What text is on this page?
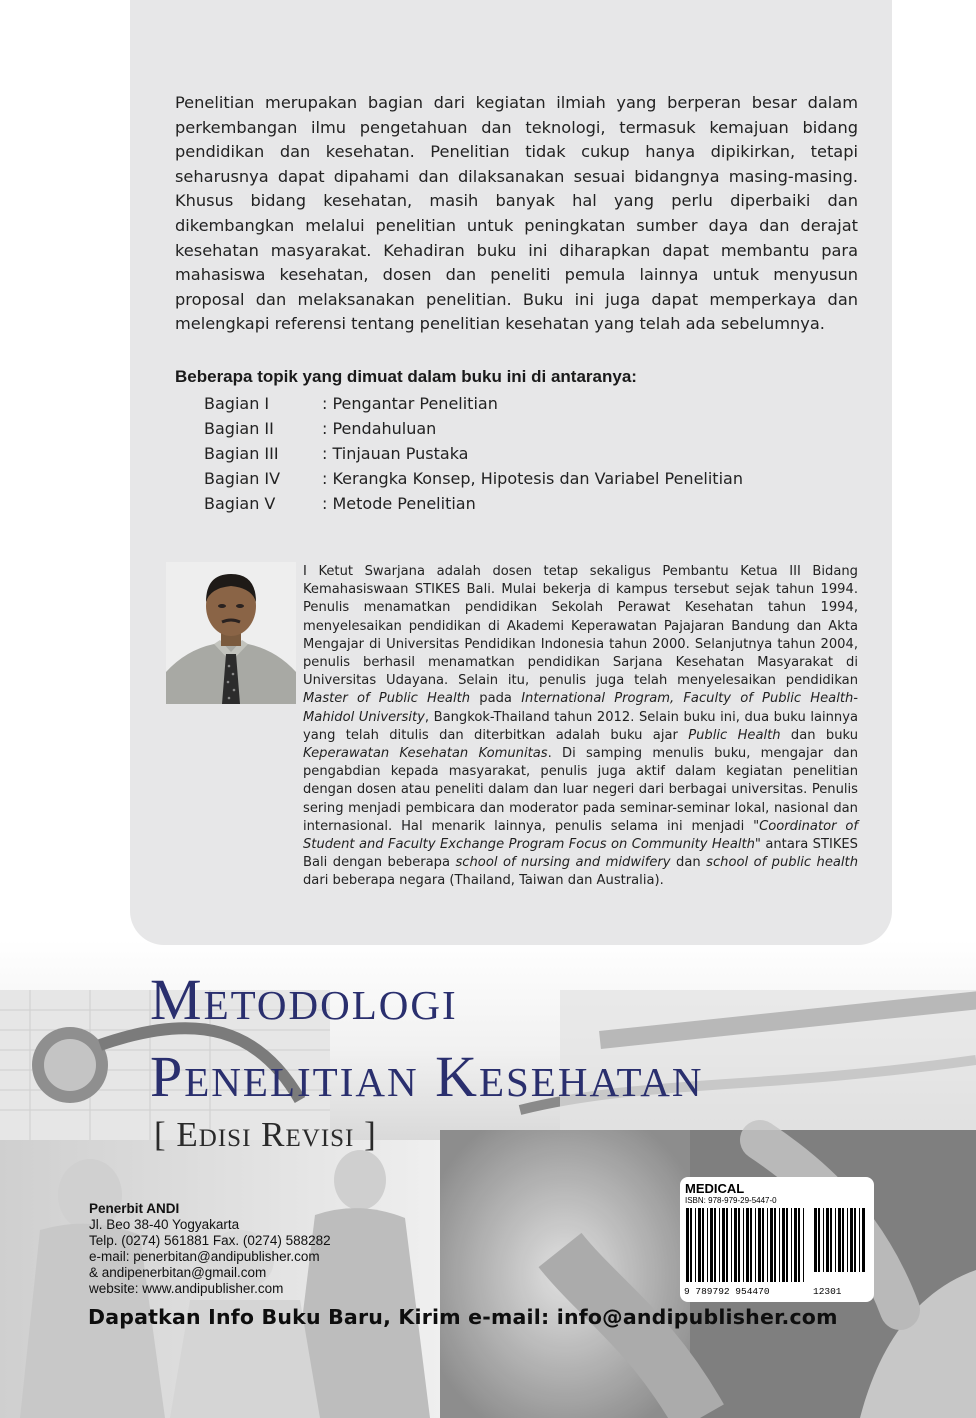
Penelitian merupakan bagian dari kegiatan ilmiah yang berperan besar dalam perkembangan ilmu pengetahuan dan teknologi, termasuk kemajuan bidang pendidikan dan kesehatan. Penelitian tidak cukup hanya dipikirkan, tetapi seharusnya dapat dipahami dan dilaksanakan sesuai bidangnya masing-masing. Khusus bidang kesehatan, masih banyak hal yang perlu diperbaiki dan dikembangkan melalui penelitian untuk peningkatan sumber daya dan derajat kesehatan masyarakat. Kehadiran buku ini diharapkan dapat membantu para mahasiswa kesehatan, dosen dan peneliti pemula lainnya untuk menyusun proposal dan melaksanakan penelitian. Buku ini juga dapat memperkaya dan melengkapi referensi tentang penelitian kesehatan yang telah ada sebelumnya.

Beberapa topik yang dimuat dalam buku ini di antaranya:

Bagian I	: Pengantar Penelitian
Bagian II	: Pendahuluan
Bagian III	: Tinjauan Pustaka
Bagian IV	: Kerangka Konsep, Hipotesis dan Variabel Penelitian
Bagian V	: Metode Penelitian

I Ketut Swarjana adalah dosen tetap sekaligus Pembantu Ketua III Bidang Kemahasiswaan STIKES Bali. Mulai bekerja di kampus tersebut sejak tahun 1994. Penulis menamatkan pendidikan Sekolah Perawat Kesehatan tahun 1994, menyelesaikan pendidikan di Akademi Keperawatan Pajajaran Bandung dan Akta Mengajar di Universitas Pendidikan Indonesia tahun 2000. Selanjutnya tahun 2004, penulis berhasil menamatkan pendidikan Sarjana Kesehatan Masyarakat di Universitas Udayana. Selain itu, penulis juga telah menyelesaikan pendidikan Master of Public Health pada International Program, Faculty of Public Health-Mahidol University, Bangkok-Thailand tahun 2012. Selain buku ini, dua buku lainnya yang telah ditulis dan diterbitkan adalah buku ajar Public Health dan buku Keperawatan Kesehatan Komunitas. Di samping menulis buku, mengajar dan pengabdian kepada masyarakat, penulis juga aktif dalam kegiatan penelitian dengan dosen atau peneliti dalam dan luar negeri dari berbagai universitas. Penulis sering menjadi pembicara dan moderator pada seminar-seminar lokal, nasional dan internasional. Hal menarik lainnya, penulis selama ini menjadi "Coordinator of Student and Faculty Exchange Program Focus on Community Health" antara STIKES Bali dengan beberapa school of nursing and midwifery dan school of public health dari beberapa negara (Thailand, Taiwan dan Australia).

Metodologi
Penelitian Kesehatan
[ Edisi Revisi ]
Penerbit ANDI
Jl. Beo 38-40 Yogyakarta
Telp. (0274) 561881 Fax. (0274) 588282
e-mail: penerbitan@andipublisher.com
& andipenerbitan@gmail.com
website: www.andipublisher.com
MEDICAL
ISBN: 978-979-29-5447-0
9 789792 954470	12301
Dapatkan Info Buku Baru, Kirim e-mail: info@andipublisher.com
